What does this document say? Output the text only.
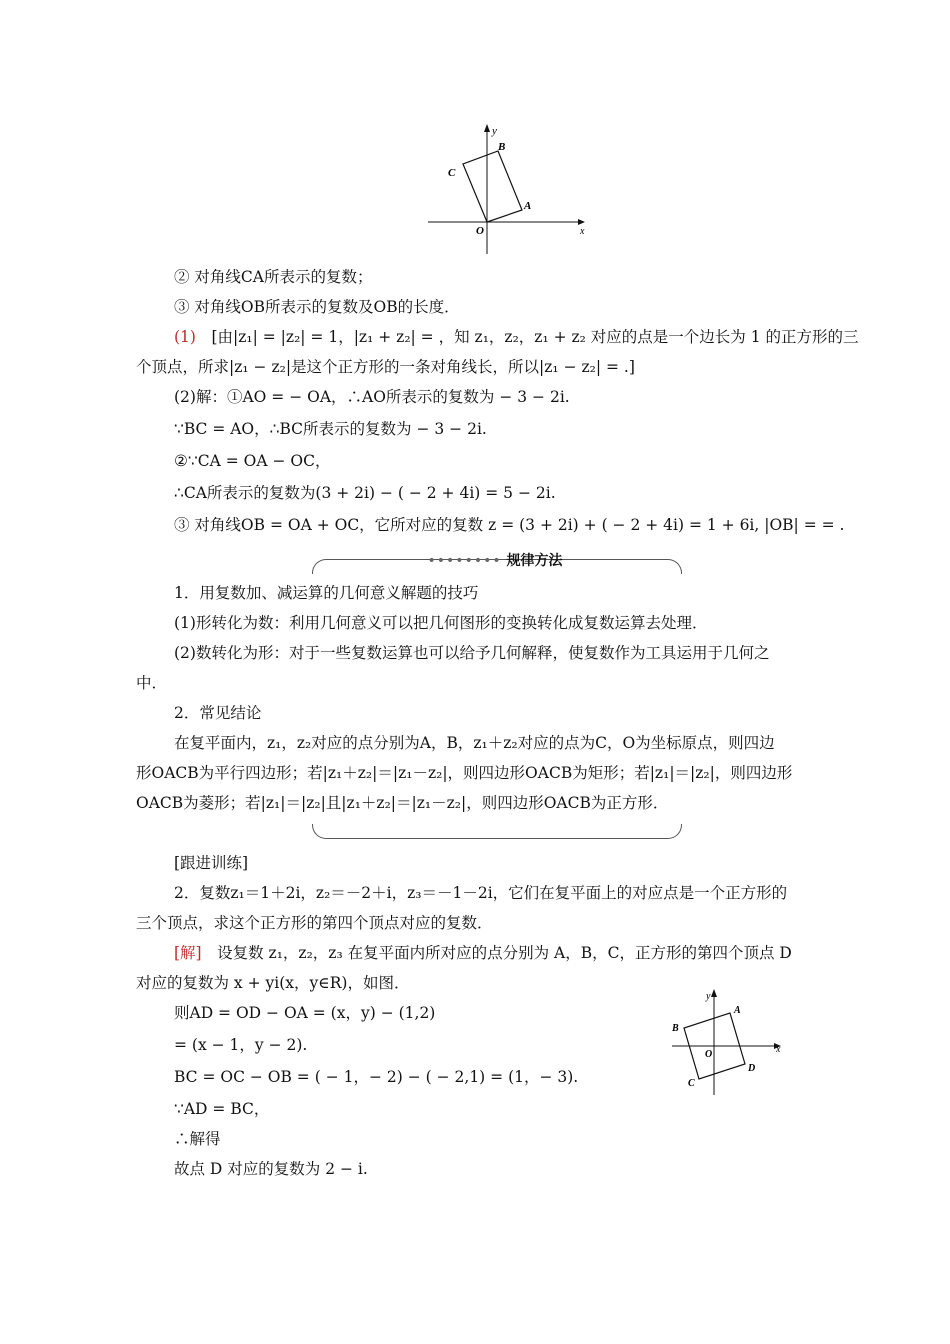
y
B
C
A
O	x
② 对角线CA所表示的复数；
③ 对角线OB所表示的复数及OB的长度．
(1)　[由|z₁| = |z₂| = 1，|z₁ + z₂| = ，知 z₁，z₂，z₁ + z₂ 对应的点是一个边长为 1 的正方形的三
个顶点，所求|z₁ − z₂|是这个正方形的一条对角线长，所以|z₁ − z₂| = .]
(2)解：①AO = − OA，∴AO所表示的复数为 − 3 − 2i.
∵BC = AO，∴BC所表示的复数为 − 3 − 2i.
②∵CA = OA − OC，
∴CA所表示的复数为(3 + 2i) − ( − 2 + 4i) = 5 − 2i.
③ 对角线OB = OA + OC，它所对应的复数 z = (3 + 2i) + ( − 2 + 4i) = 1 + 6i, |OB| = = .
•••••••• 规律方法
1．用复数加、减运算的几何意义解题的技巧
(1)形转化为数：利用几何意义可以把几何图形的变换转化成复数运算去处理．
(2)数转化为形：对于一些复数运算也可以给予几何解释，使复数作为工具运用于几何之
中．
2．常见结论
在复平面内，z₁，z₂对应的点分别为A，B，z₁＋z₂对应的点为C，O为坐标原点，则四边
形OACB为平行四边形；若|z₁＋z₂|＝|z₁－z₂|，则四边形OACB为矩形；若|z₁|＝|z₂|，则四边形
OACB为菱形；若|z₁|＝|z₂|且|z₁＋z₂|＝|z₁－z₂|，则四边形OACB为正方形．
[跟进训练]
2．复数z₁＝1＋2i，z₂＝－2＋i，z₃＝－1－2i，它们在复平面上的对应点是一个正方形的
三个顶点，求这个正方形的第四个顶点对应的复数．
[解]　设复数 z₁，z₂，z₃ 在复平面内所对应的点分别为 A，B，C，正方形的第四个顶点 D
对应的复数为 x + yi(x，y∈R)，如图．
则AD = OD − OA = (x，y) − (1,2)
= (x − 1，y − 2).
BC = OC − OB = ( − 1，− 2) − ( − 2,1) = (1，− 3).
∵AD = BC，
∴解得
故点 D 对应的复数为 2 − i.
y
A
B
O	x
D
C
